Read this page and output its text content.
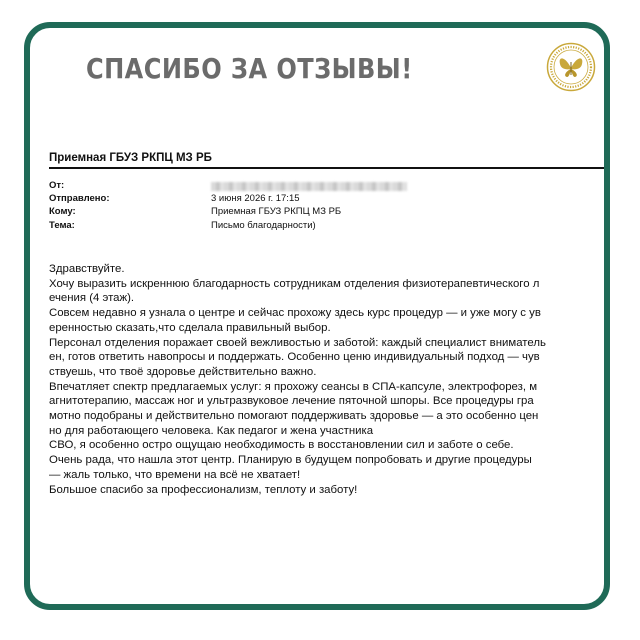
СПАСИБО ЗА ОТЗЫВЫ!
Приемная ГБУЗ РКПЦ МЗ РБ
От:
Отправлено:	3 июня 2026 г. 17:15
Кому:	Приемная ГБУЗ РКПЦ МЗ РБ
Тема:	Письмо благодарности)
Здравствуйте.
Хочу выразить искреннюю благодарность сотрудникам отделения физиотерапевтического л
ечения (4 этаж).
Совсем недавно я узнала о центре и сейчас прохожу здесь курс процедур — и уже могу с ув
еренностью сказать,что сделала правильный выбор.
Персонал отделения поражает своей вежливостью и заботой: каждый специалист вниматель
ен, готов ответить навопросы и поддержать. Особенно ценю индивидуальный подход — чув
ствуешь, что твоё здоровье действительно важно.
Впечатляет спектр предлагаемых услуг: я прохожу сеансы в СПА-капсуле, электрофорез, м
агнитотерапию, массаж ног и ультразвуковое лечение пяточной шпоры. Все процедуры гра
мотно подобраны и действительно помогают поддерживать здоровье — а это особенно цен
но для работающего человека. Как педагог и жена участника
СВО, я особенно остро ощущаю необходимость в восстановлении сил и заботе о себе.
Очень рада, что нашла этот центр. Планирую в будущем попробовать и другие процедуры
— жаль только, что времени на всё не хватает!
Большое спасибо за профессионализм, теплоту и заботу!
